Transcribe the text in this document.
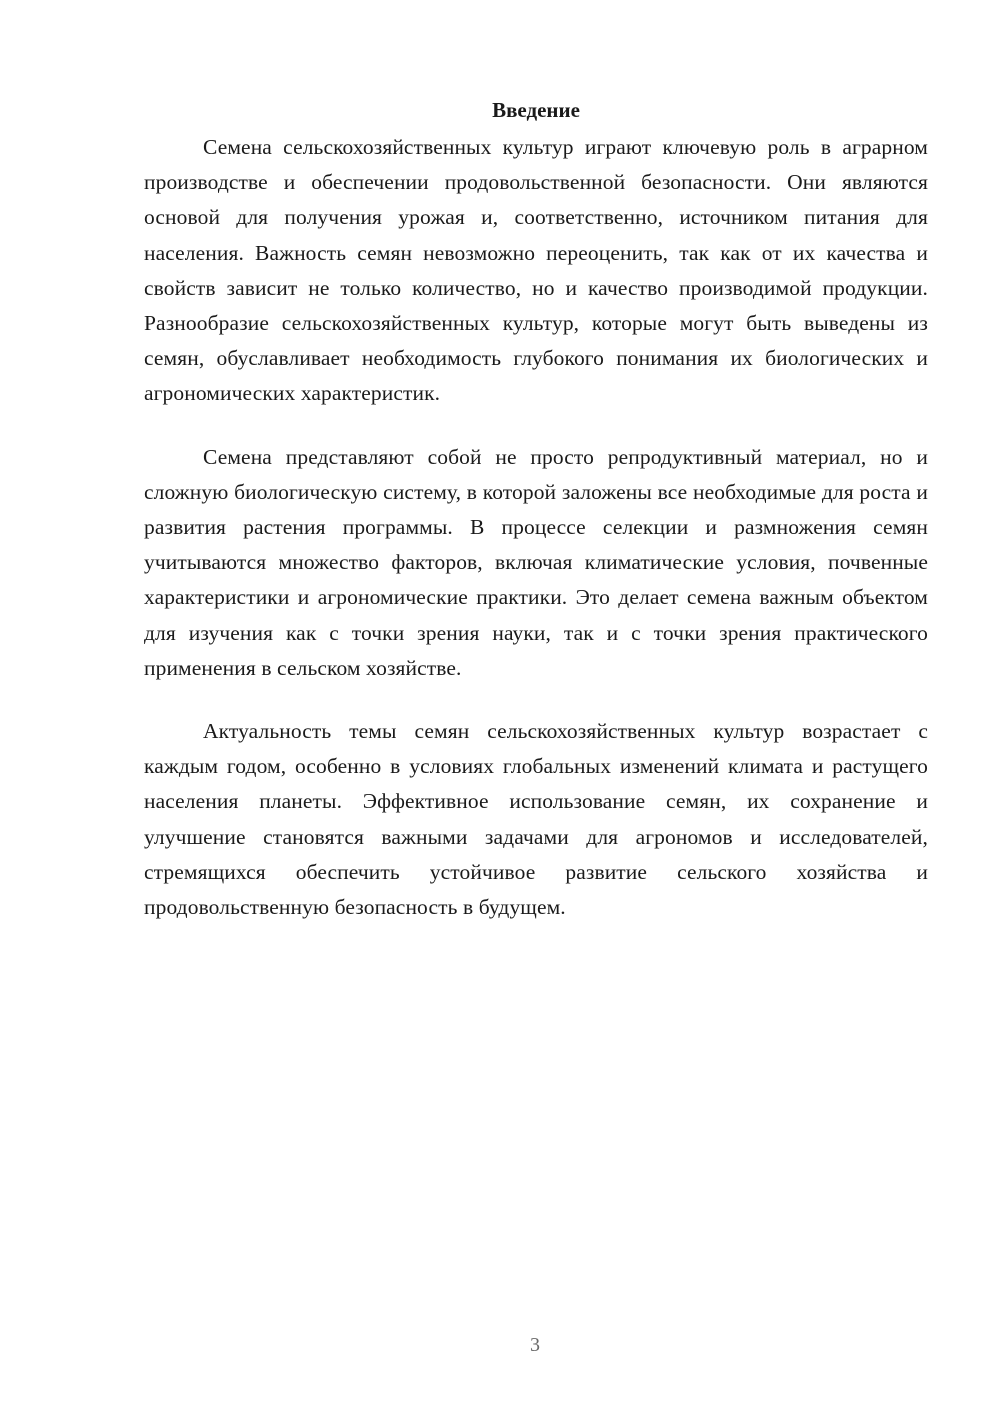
Введение

Семена сельскохозяйственных культур играют ключевую роль в аграрном производстве и обеспечении продовольственной безопасности. Они являются основой для получения урожая и, соответственно, источником питания для населения. Важность семян невозможно переоценить, так как от их качества и свойств зависит не только количество, но и качество производимой продукции. Разнообразие сельскохозяйственных культур, которые могут быть выведены из семян, обуславливает необходимость глубокого понимания их биологических и агрономических характеристик.

Семена представляют собой не просто репродуктивный материал, но и сложную биологическую систему, в которой заложены все необходимые для роста и развития растения программы. В процессе селекции и размножения семян учитываются множество факторов, включая климатические условия, почвенные характеристики и агрономические практики. Это делает семена важным объектом для изучения как с точки зрения науки, так и с точки зрения практического применения в сельском хозяйстве.

Актуальность темы семян сельскохозяйственных культур возрастает с каждым годом, особенно в условиях глобальных изменений климата и растущего населения планеты. Эффективное использование семян, их сохранение и улучшение становятся важными задачами для агрономов и исследователей, стремящихся обеспечить устойчивое развитие сельского хозяйства и продовольственную безопасность в будущем.

3
